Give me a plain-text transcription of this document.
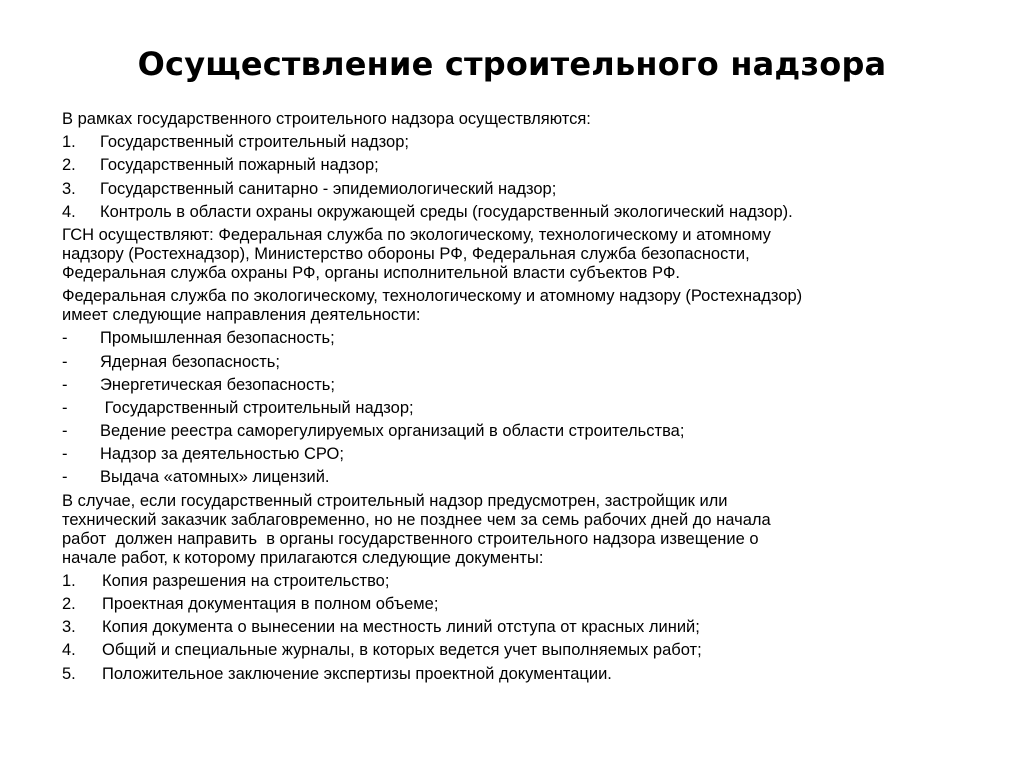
Осуществление строительного надзора
В рамках государственного строительного надзора осуществляются:
1.	Государственный строительный надзор;
2.	Государственный пожарный надзор;
3.	Государственный санитарно - эпидемиологический надзор;
4.	Контроль в области охраны окружающей среды (государственный экологический надзор).
ГСН осуществляют: Федеральная служба по экологическому, технологическому и атомному
надзору (Ростехнадзор), Министерство обороны РФ, Федеральная служба безопасности,
Федеральная служба охраны РФ, органы исполнительной власти субъектов РФ.
Федеральная служба по экологическому, технологическому и атомному надзору (Ростехнадзор)
имеет следующие направления деятельности:
-	Промышленная безопасность;
-	Ядерная безопасность;
-	Энергетическая безопасность;
-	Государственный строительный надзор;
-	Ведение реестра саморегулируемых организаций в области строительства;
-	Надзор за деятельностью СРО;
-	Выдача «атомных» лицензий.
В случае, если государственный строительный надзор предусмотрен, застройщик или
технический заказчик заблаговременно, но не позднее чем за семь рабочих дней до начала
работ  должен направить  в органы государственного строительного надзора извещение о
начале работ, к которому прилагаются следующие документы:
1.	Копия разрешения на строительство;
2.	Проектная документация в полном объеме;
3.	Копия документа о вынесении на местность линий отступа от красных линий;
4.	Общий и специальные журналы, в которых ведется учет выполняемых работ;
5.	Положительное заключение экспертизы проектной документации.
